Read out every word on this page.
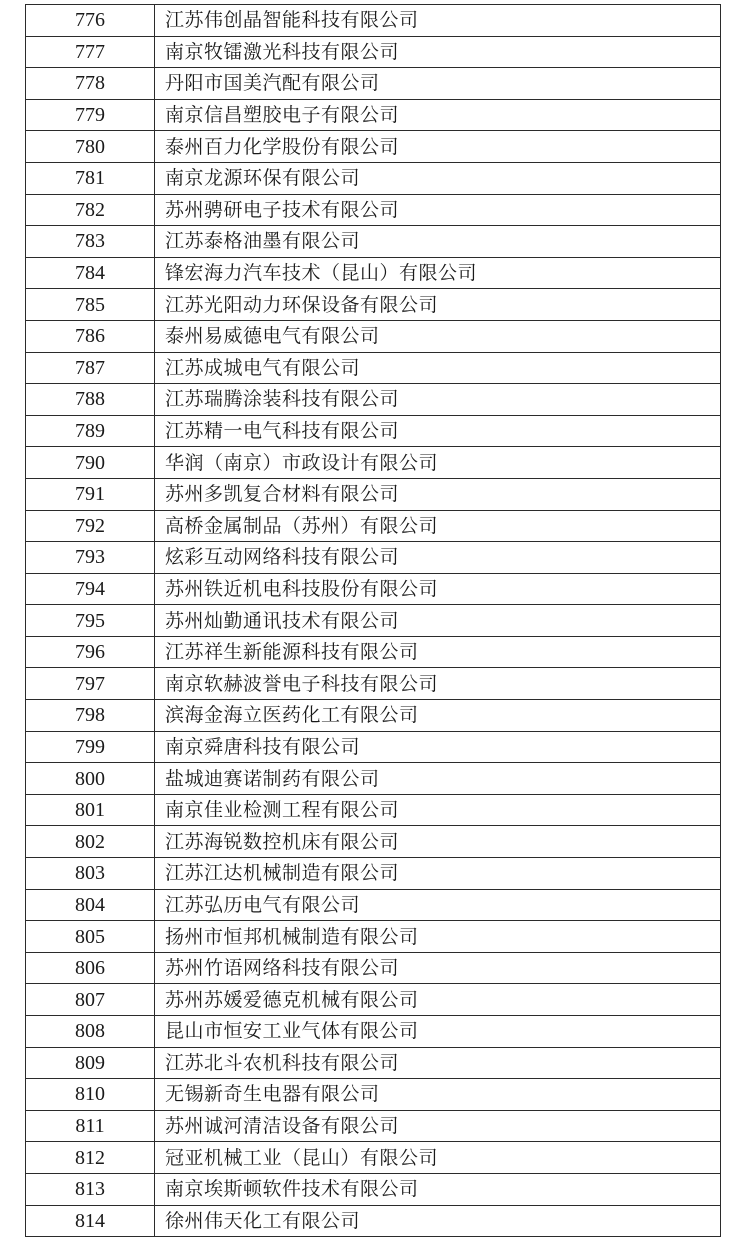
776	江苏伟创晶智能科技有限公司
777	南京牧镭激光科技有限公司
778	丹阳市国美汽配有限公司
779	南京信昌塑胶电子有限公司
780	泰州百力化学股份有限公司
781	南京龙源环保有限公司
782	苏州骋研电子技术有限公司
783	江苏泰格油墨有限公司
784	锋宏海力汽车技术（昆山）有限公司
785	江苏光阳动力环保设备有限公司
786	泰州易威德电气有限公司
787	江苏成城电气有限公司
788	江苏瑞腾涂装科技有限公司
789	江苏精一电气科技有限公司
790	华润（南京）市政设计有限公司
791	苏州多凯复合材料有限公司
792	高桥金属制品（苏州）有限公司
793	炫彩互动网络科技有限公司
794	苏州铁近机电科技股份有限公司
795	苏州灿勤通讯技术有限公司
796	江苏祥生新能源科技有限公司
797	南京软赫波誉电子科技有限公司
798	滨海金海立医药化工有限公司
799	南京舜唐科技有限公司
800	盐城迪赛诺制药有限公司
801	南京佳业检测工程有限公司
802	江苏海锐数控机床有限公司
803	江苏江达机械制造有限公司
804	江苏弘历电气有限公司
805	扬州市恒邦机械制造有限公司
806	苏州竹语网络科技有限公司
807	苏州苏媛爱德克机械有限公司
808	昆山市恒安工业气体有限公司
809	江苏北斗农机科技有限公司
810	无锡新奇生电器有限公司
811	苏州诚河清洁设备有限公司
812	冠亚机械工业（昆山）有限公司
813	南京埃斯顿软件技术有限公司
814	徐州伟天化工有限公司
